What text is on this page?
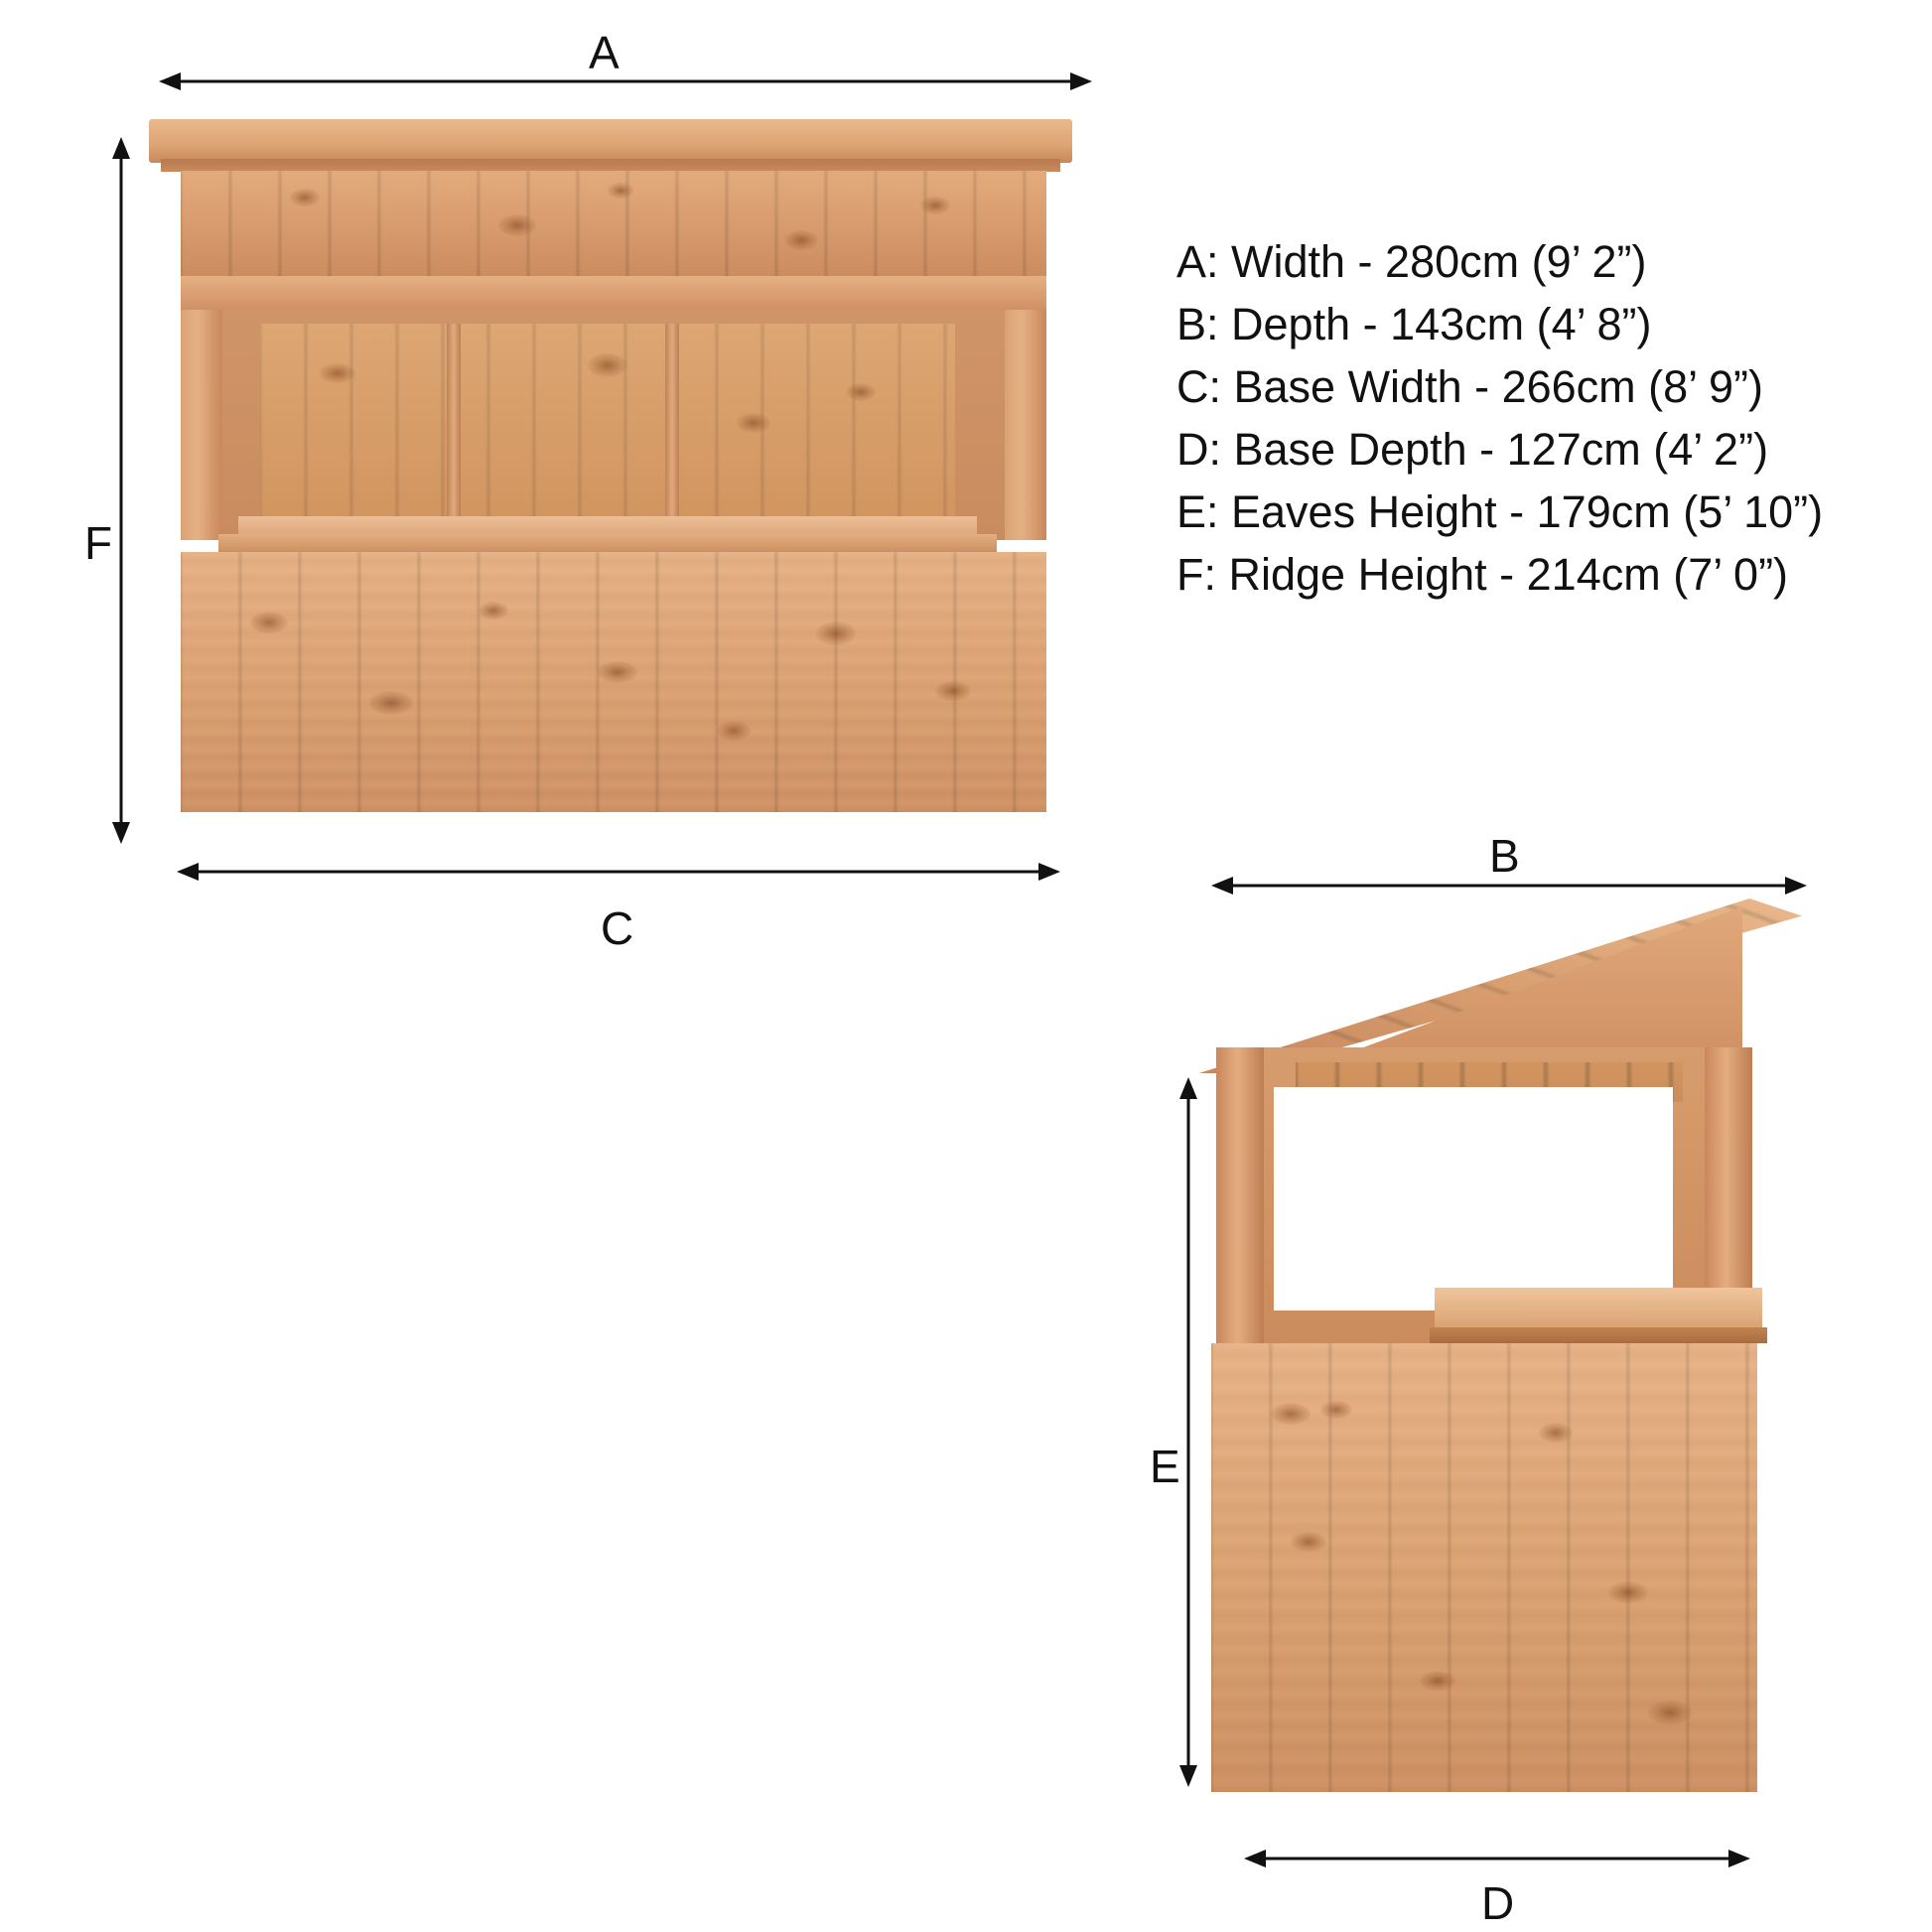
A
C
F
A: Width - 280cm (9’ 2”)
B: Depth - 143cm (4’ 8”)
C: Base Width - 266cm (8’ 9”)
D: Base Depth - 127cm (4’ 2”)
E: Eaves Height - 179cm (5’ 10”)
F: Ridge Height - 214cm (7’ 0”)
B
D
E
